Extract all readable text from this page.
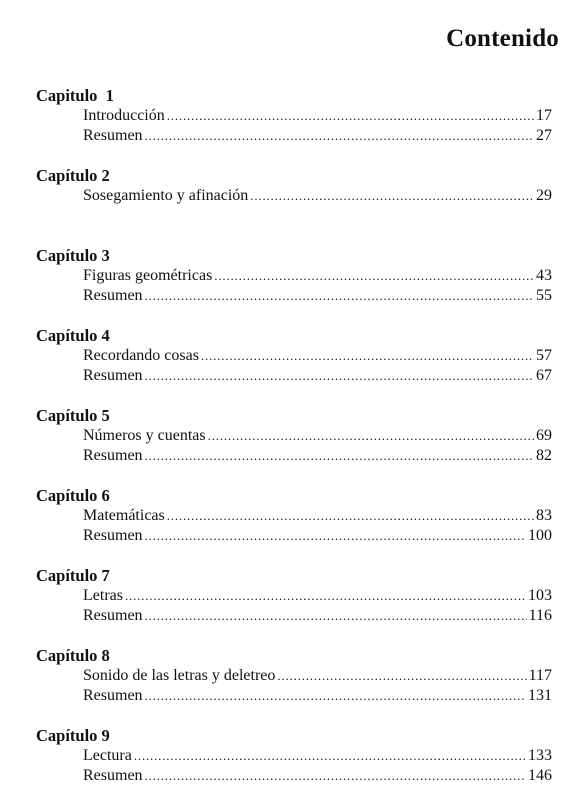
Contenido
Capitulo  1
Introducción .....	17
Resumen .....	27
Capítulo 2
Sosegamiento y afinación .....	29
Capítulo 3
Figuras geométricas .....	43
Resumen .....	55
Capítulo 4
Recordando cosas .....	57
Resumen .....	67
Capítulo 5
Números y cuentas .....	69
Resumen .....	82
Capítulo 6
Matemáticas .....	83
Resumen .....	100
Capítulo 7
Letras .....	103
Resumen .....	116
Capítulo 8
Sonido de las letras y deletreo .....	117
Resumen .....	131
Capítulo 9
Lectura .....	133
Resumen .....	146
